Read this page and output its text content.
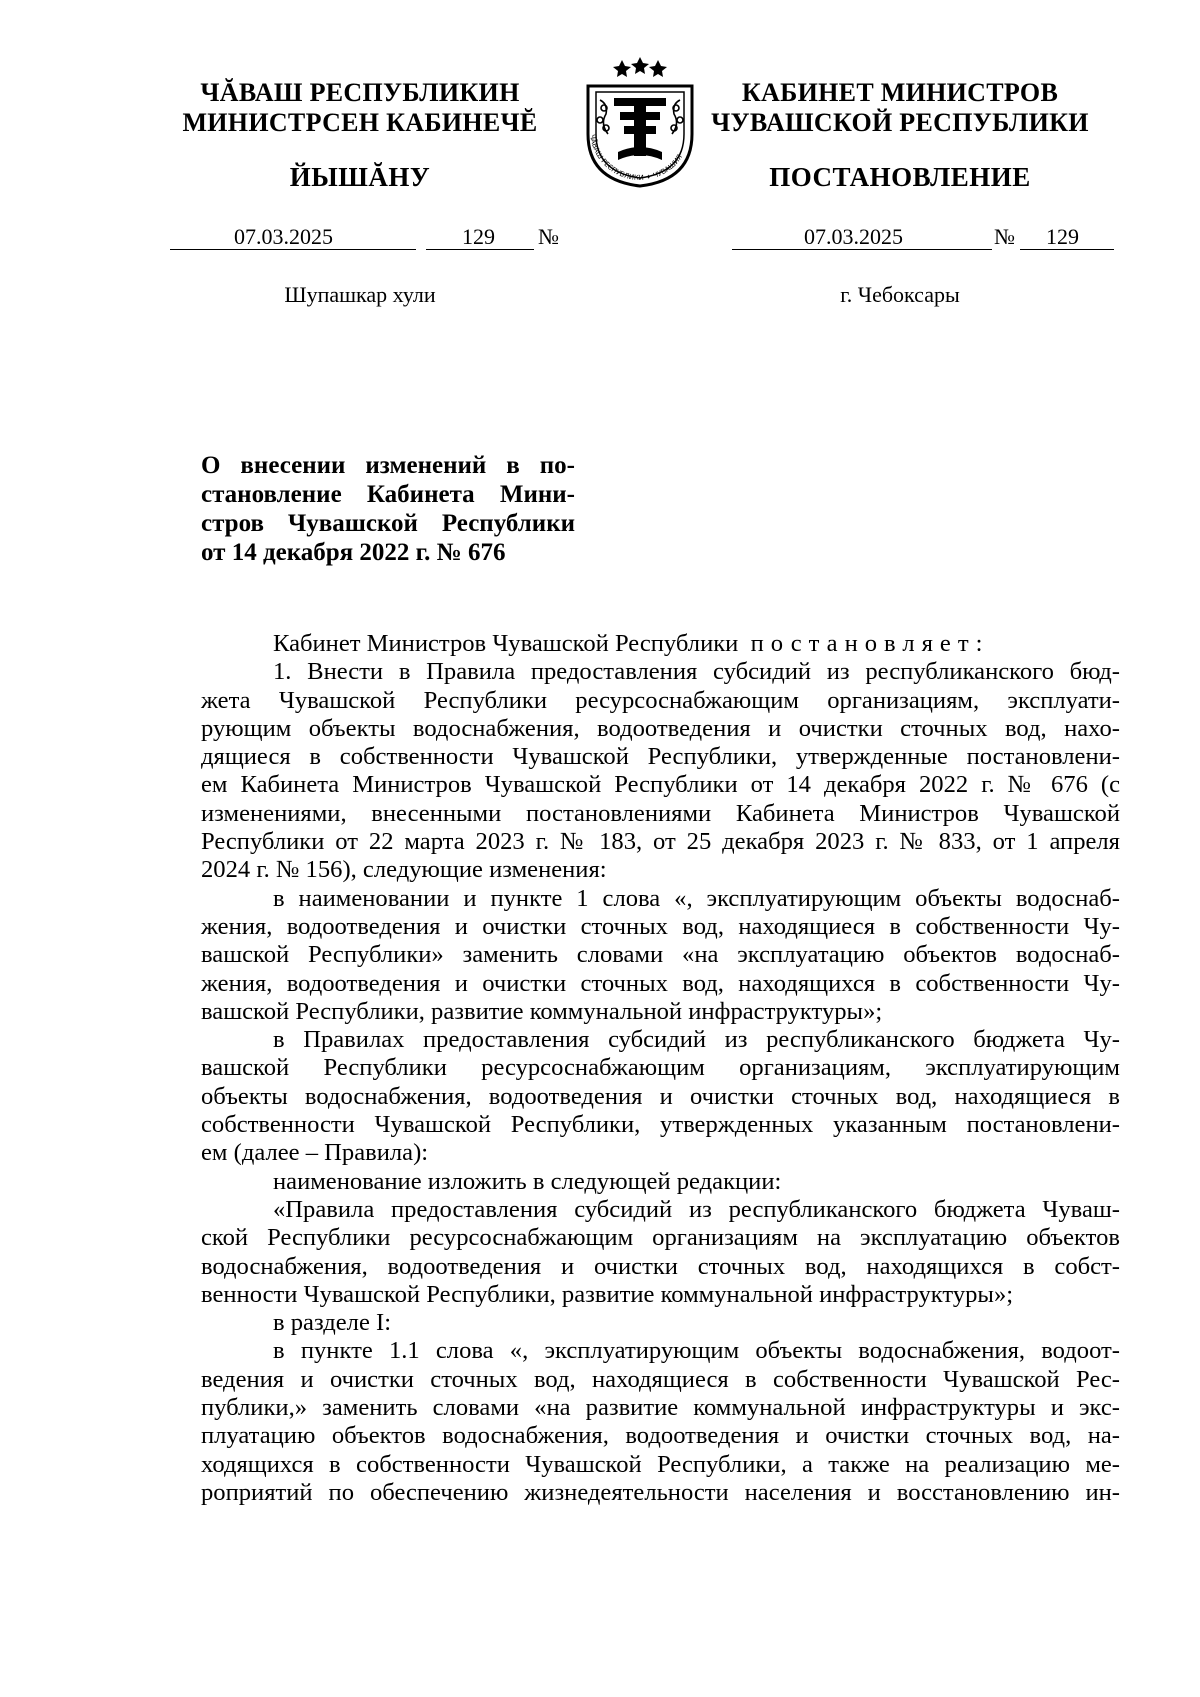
ЧĂВАШ РЕСПУБЛИКИН
МИНИСТРСЕН КАБИНЕЧĔ
ЙЫШĂНУ
ЧĂВАШ РЕСПУБЛИКИ ✦ ЧУВАШИЯ
КАБИНЕТ МИНИСТРОВ
ЧУВАШСКОЙ РЕСПУБЛИКИ
ПОСТАНОВЛЕНИЕ
07.03.2025	129 №	07.03.2025	№ 129
Шупашкар хули	г. Чебоксары
О внесении изменений в по-
становление Кабинета Мини-
стров Чувашской Республики
от 14 декабря 2022 г. № 676
Кабинет Министров Чувашской Республики постановляет:
1. Внести в Правила предоставления субсидий из республиканского бюд-
жета Чувашской Республики ресурсоснабжающим организациям, эксплуати-
рующим объекты водоснабжения, водоотведения и очистки сточных вод, нахо-
дящиеся в собственности Чувашской Республики, утвержденные постановлени-
ем Кабинета Министров Чувашской Республики от 14 декабря 2022 г. № 676 (с
изменениями, внесенными постановлениями Кабинета Министров Чувашской
Республики от 22 марта 2023 г. № 183, от 25 декабря 2023 г. № 833, от 1 апреля
2024 г. № 156), следующие изменения:
в наименовании и пункте 1 слова «, эксплуатирующим объекты водоснаб-
жения, водоотведения и очистки сточных вод, находящиеся в собственности Чу-
вашской Республики» заменить словами «на эксплуатацию объектов водоснаб-
жения, водоотведения и очистки сточных вод, находящихся в собственности Чу-
вашской Республики, развитие коммунальной инфраструктуры»;
в Правилах предоставления субсидий из республиканского бюджета Чу-
вашской Республики ресурсоснабжающим организациям, эксплуатирующим
объекты водоснабжения, водоотведения и очистки сточных вод, находящиеся в
собственности Чувашской Республики, утвержденных указанным постановлени-
ем (далее – Правила):
наименование изложить в следующей редакции:
«Правила предоставления субсидий из республиканского бюджета Чуваш-
ской Республики ресурсоснабжающим организациям на эксплуатацию объектов
водоснабжения, водоотведения и очистки сточных вод, находящихся в собст-
венности Чувашской Республики, развитие коммунальной инфраструктуры»;
в разделе I:
в пункте 1.1 слова «, эксплуатирующим объекты водоснабжения, водоот-
ведения и очистки сточных вод, находящиеся в собственности Чувашской Рес-
публики,» заменить словами «на развитие коммунальной инфраструктуры и экс-
плуатацию объектов водоснабжения, водоотведения и очистки сточных вод, на-
ходящихся в собственности Чувашской Республики, а также на реализацию ме-
роприятий по обеспечению жизнедеятельности населения и восстановлению ин-
